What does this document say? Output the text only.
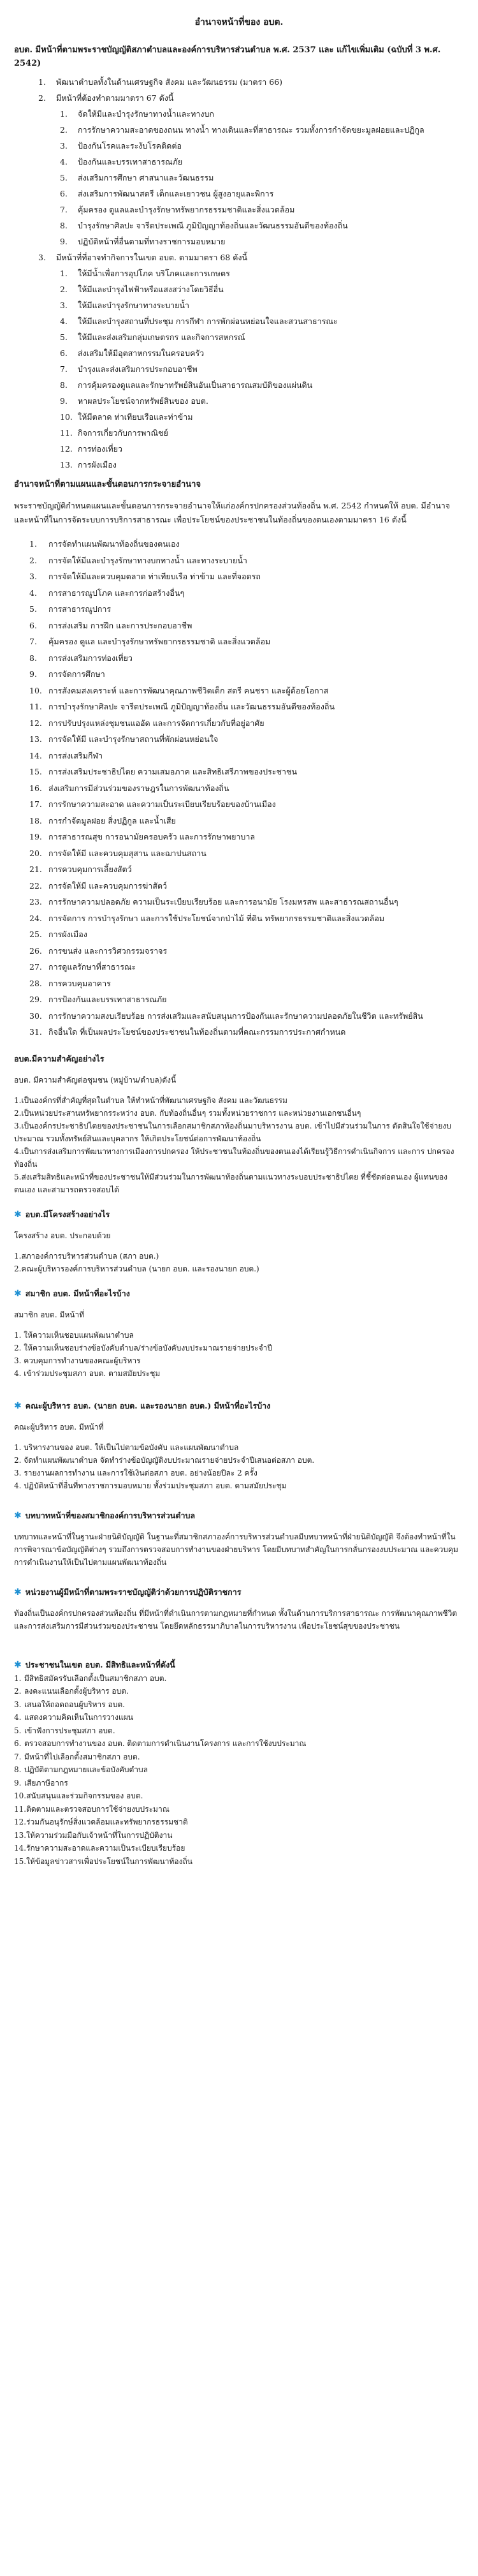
อำนาจหน้าที่ของ อบต.

อบต. มีหน้าที่ตามพระราชบัญญัติสภาตำบลและองค์การบริหารส่วนตำบล พ.ศ. 2537 และ แก้ไขเพิ่มเติม (ฉบับที่ 3 พ.ศ. 2542)

1.	พัฒนาตำบลทั้งในด้านเศรษฐกิจ สังคม และวัฒนธรรม (มาตรา 66)
2.	มีหน้าที่ต้องทำตามมาตรา 67 ดังนี้
1.	จัดให้มีและบำรุงรักษาทางน้ำและทางบก
2.	การรักษาความสะอาดของถนน ทางน้ำ ทางเดินและที่สาธารณะ รวมทั้งการกำจัดขยะมูลฝอยและปฏิกูล
3.	ป้องกันโรคและระงับโรคติดต่อ
4.	ป้องกันและบรรเทาสาธารณภัย
5.	ส่งเสริมการศึกษา ศาสนาและวัฒนธรรม
6.	ส่งเสริมการพัฒนาสตรี เด็กและเยาวชน ผู้สูงอายุและพิการ
7.	คุ้มครอง ดูแลและบำรุงรักษาทรัพยากรธรรมชาติและสิ่งแวดล้อม
8.	บำรุงรักษาศิลปะ จารีตประเพณี ภูมิปัญญาท้องถิ่นและวัฒนธรรมอันดีของท้องถิ่น
9.	ปฏิบัติหน้าที่อื่นตามที่ทางราชการมอบหมาย
3.	มีหน้าที่ที่อาจทำกิจการในเขต อบต. ตามมาตรา 68 ดังนี้
1.	ให้มีน้ำเพื่อการอุปโภค บริโภคและการเกษตร
2.	ให้มีและบำรุงไฟฟ้าหรือแสงสว่างโดยวิธีอื่น
3.	ให้มีและบำรุงรักษาทางระบายน้ำ
4.	ให้มีและบำรุงสถานที่ประชุม การกีฬา การพักผ่อนหย่อนใจและสวนสาธารณะ
5.	ให้มีและส่งเสริมกลุ่มเกษตรกร และกิจการสหกรณ์
6.	ส่งเสริมให้มีอุตสาหกรรมในครอบครัว
7.	บำรุงและส่งเสริมการประกอบอาชีพ
8.	การคุ้มครองดูแลและรักษาทรัพย์สินอันเป็นสาธารณสมบัติของแผ่นดิน
9.	หาผลประโยชน์จากทรัพย์สินของ อบต.
10. ให้มีตลาด ท่าเทียบเรือและท่าข้าม
11. กิจการเกี่ยวกับการพาณิชย์
12. การท่องเที่ยว
13. การผังเมือง

อำนาจหน้าที่ตามแผนและขั้นตอนการกระจายอำนาจ

พระราชบัญญัติกำหนดแผนและขั้นตอนการกระจายอำนาจให้แก่องค์กรปกครองส่วนท้องถิ่น พ.ศ. 2542 กำหนดให้ อบต. มีอำนาจและหน้าที่ในการจัดระบบการบริการสาธารณะ เพื่อประโยชน์ของประชาชนในท้องถิ่นของตนเองตามมาตรา 16 ดังนี้

1.	การจัดทำแผนพัฒนาท้องถิ่นของตนเอง
2.	การจัดให้มีและบำรุงรักษาทางบกทางน้ำ และทางระบายน้ำ
3.	การจัดให้มีและควบคุมตลาด ท่าเทียบเรือ ท่าข้าม และที่จอดรถ
4.	การสาธารณูปโภค และการก่อสร้างอื่นๆ
5.	การสาธารณูปการ
6.	การส่งเสริม การฝึก และการประกอบอาชีพ
7.	คุ้มครอง ดูแล และบำรุงรักษาทรัพยากรธรรมชาติ และสิ่งแวดล้อม
8.	การส่งเสริมการท่องเที่ยว
9.	การจัดการศึกษา
10. การสังคมสงเคราะห์ และการพัฒนาคุณภาพชีวิตเด็ก สตรี คนชรา และผู้ด้อยโอกาส
11. การบำรุงรักษาศิลปะ จารีตประเพณี ภูมิปัญญาท้องถิ่น และวัฒนธรรมอันดีของท้องถิ่น
12. การปรับปรุงแหล่งชุมชนแออัด และการจัดการเกี่ยวกับที่อยู่อาศัย
13. การจัดให้มี และบำรุงรักษาสถานที่พักผ่อนหย่อนใจ
14. การส่งเสริมกีฬา
15. การส่งเสริมประชาธิปไตย ความเสมอภาค และสิทธิเสรีภาพของประชาชน
16. ส่งเสริมการมีส่วนร่วมของราษฎรในการพัฒนาท้องถิ่น
17. การรักษาความสะอาด และความเป็นระเบียบเรียบร้อยของบ้านเมือง
18. การกำจัดมูลฝอย สิ่งปฏิกูล และน้ำเสีย
19. การสาธารณสุข การอนามัยครอบครัว และการรักษาพยาบาล
20. การจัดให้มี และควบคุมสุสาน และฌาปนสถาน
21. การควบคุมการเลี้ยงสัตว์
22. การจัดให้มี และควบคุมการฆ่าสัตว์
23. การรักษาความปลอดภัย ความเป็นระเบียบเรียบร้อย และการอนามัย โรงมหรสพ และสาธารณสถานอื่นๆ
24. การจัดการ การบำรุงรักษา และการใช้ประโยชน์จากป่าไม้ ที่ดิน ทรัพยากรธรรมชาติและสิ่งแวดล้อม
25. การผังเมือง
26. การขนส่ง และการวิศวกรรมจราจร
27. การดูแลรักษาที่สาธารณะ
28. การควบคุมอาคาร
29. การป้องกันและบรรเทาสาธารณภัย
30. การรักษาความสงบเรียบร้อย การส่งเสริมและสนับสนุนการป้องกันและรักษาความปลอดภัยในชีวิต และทรัพย์สิน
31. กิจอื่นใด ที่เป็นผลประโยชน์ของประชาชนในท้องถิ่นตามที่คณะกรรมการประกาศกำหนด

อบต.มีความสำคัญอย่างไร

อบต. มีความสำคัญต่อชุมชน (หมู่บ้าน/ตำบล)ดังนี้

1.เป็นองค์กรที่สำคัญที่สุดในตำบล ให้ทำหน้าที่พัฒนาเศรษฐกิจ สังคม และวัฒนธรรม

2.เป็นหน่วยประสานทรัพยากรระหว่าง อบต. กับท้องถิ่นอื่นๆ รวมทั้งหน่วยราชการ และหน่วยงานเอกชนอื่นๆ

3.เป็นองค์กรประชาธิปไตยของประชาชนในการเลือกสมาชิกสภาท้องถิ่นมาบริหารงาน อบต. เข้าไปมีส่วนร่วมในการ ตัดสินใจใช้จ่ายงบประมาณ รวมทั้งทรัพย์สินและบุคลากร ให้เกิดประโยชน์ต่อการพัฒนาท้องถิ่น

4.เป็นการส่งเสริมการพัฒนาทางการเมืองการปกครอง ให้ประชาชนในท้องถิ่นของตนเองได้เรียนรู้วิธีการดำเนินกิจการ และการ ปกครองท้องถิ่น

5.ส่งเสริมสิทธิและหน้าที่ของประชาชนให้มีส่วนร่วมในการพัฒนาท้องถิ่นตามแนวทางระบอบประชาธิปไตย ที่ชี้ชัดต่อตนเอง ผู้แทนของตนเอง และสามารถตรวจสอบได้

✱ อบต.มีโครงสร้างอย่างไร

โครงสร้าง อบต. ประกอบด้วย

1.สภาองค์การบริหารส่วนตำบล (สภา อบต.)

2.คณะผู้บริหารองค์การบริหารส่วนตำบล (นายก อบต. และรองนายก อบต.)

✱ สมาชิก อบต. มีหน้าที่อะไรบ้าง

สมาชิก อบต. มีหน้าที่

1. ให้ความเห็นชอบแผนพัฒนาตำบล

2. ให้ความเห็นชอบร่างข้อบังคับตำบล/ร่างข้อบังคับงบประมาณรายจ่ายประจำปี

3. ควบคุมการทำงานของคณะผู้บริหาร

4. เข้าร่วมประชุมสภา อบต. ตามสมัยประชุม

✱ คณะผู้บริหาร อบต. (นายก อบต. และรองนายก อบต.) มีหน้าที่อะไรบ้าง

คณะผู้บริหาร อบต. มีหน้าที่

1. บริหารงานของ อบต. ให้เป็นไปตามข้อบังคับ และแผนพัฒนาตำบล

2. จัดทำแผนพัฒนาตำบล จัดทำร่างข้อบัญญัติงบประมาณรายจ่ายประจำปีเสนอต่อสภา อบต.

3. รายงานผลการทำงาน และการใช้เงินต่อสภา อบต. อย่างน้อยปีละ 2 ครั้ง

4. ปฏิบัติหน้าที่อื่นที่ทางราชการมอบหมาย ทั้งร่วมประชุมสภา อบต. ตามสมัยประชุม

✱ บทบาทหน้าที่ของสมาชิกองค์การบริหารส่วนตำบล

บทบาทและหน้าที่ในฐานะฝ่ายนิติบัญญัติ ในฐานะที่สมาชิกสภาองค์การบริหารส่วนตำบลมีบทบาทหน้าที่ฝ่ายนิติบัญญัติ จึงต้องทำหน้าที่ในการพิจารณาข้อบัญญัติต่างๆ รวมถึงการตรวจสอบการทำงานของฝ่ายบริหาร โดยมีบทบาทสำคัญในการกลั่นกรองงบประมาณ และควบคุมการดำเนินงานให้เป็นไปตามแผนพัฒนาท้องถิ่น

✱ หน่วยงานผู้มีหน้าที่ตามพระราชบัญญัติว่าด้วยการปฏิบัติราชการ

ท้องถิ่นเป็นองค์กรปกครองส่วนท้องถิ่น ที่มีหน้าที่ดำเนินการตามกฎหมายที่กำหนด ทั้งในด้านการบริการสาธารณะ การพัฒนาคุณภาพชีวิต และการส่งเสริมการมีส่วนร่วมของประชาชน โดยยึดหลักธรรมาภิบาลในการบริหารงาน เพื่อประโยชน์สุขของประชาชน

✱ ประชาชนในเขต อบต. มีสิทธิและหน้าที่ดังนี้

1. มีสิทธิสมัครรับเลือกตั้งเป็นสมาชิกสภา อบต.
2. ลงคะแนนเลือกตั้งผู้บริหาร อบต.
3. เสนอให้ถอดถอนผู้บริหาร อบต.
4. แสดงความคิดเห็นในการวางแผน
5. เข้าฟังการประชุมสภา อบต.
6. ตรวจสอบการทำงานของ อบต. ติดตามการดำเนินงานโครงการ และการใช้งบประมาณ
7. มีหน้าที่ไปเลือกตั้งสมาชิกสภา อบต.
8. ปฏิบัติตามกฎหมายและข้อบังคับตำบล
9. เสียภาษีอากร
10. สนับสนุนและร่วมกิจกรรมของ อบต.
11. ติดตามและตรวจสอบการใช้จ่ายงบประมาณ
12. ร่วมกันอนุรักษ์สิ่งแวดล้อมและทรัพยากรธรรมชาติ
13. ให้ความร่วมมือกับเจ้าหน้าที่ในการปฏิบัติงาน
14. รักษาความสะอาดและความเป็นระเบียบเรียบร้อย
15. ให้ข้อมูลข่าวสารเพื่อประโยชน์ในการพัฒนาท้องถิ่น
